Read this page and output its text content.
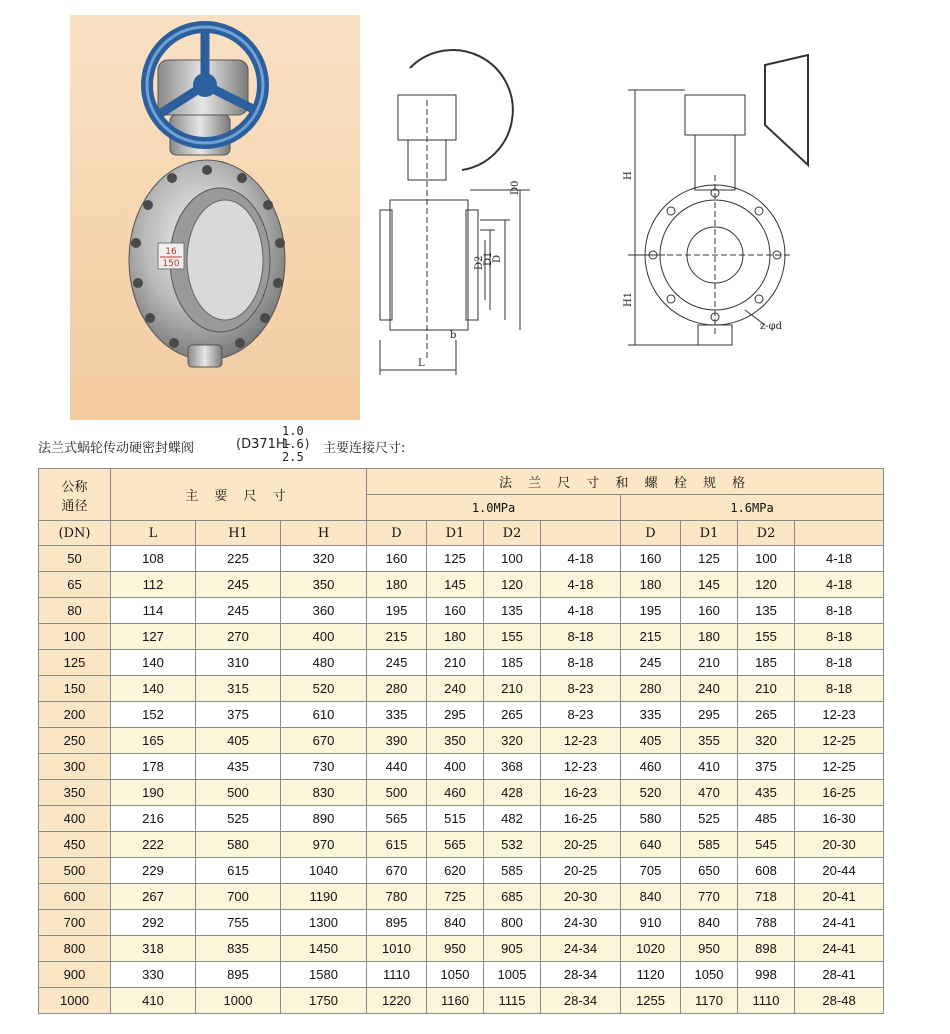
16
150
D0
D2
D1
D
b
L
H
H1
z-φd
法兰式蜗轮传动硬密封蝶阀	(D371H-
1.0
1.6)
2.5
主要连接尺寸:
公称
通径	主 要 尺 寸			法 兰 尺 寸 和 螺 栓 规 格							
				1.0MPa				1.6MPa			
(DN)	L	H1	H	D	D1	D2		D	D1	D2	
50	108	225	320	160	125	100	4-18	160	125	100	4-18
65	112	245	350	180	145	120	4-18	180	145	120	4-18
80	114	245	360	195	160	135	4-18	195	160	135	8-18
100	127	270	400	215	180	155	8-18	215	180	155	8-18
125	140	310	480	245	210	185	8-18	245	210	185	8-18
150	140	315	520	280	240	210	8-23	280	240	210	8-18
200	152	375	610	335	295	265	8-23	335	295	265	12-23
250	165	405	670	390	350	320	12-23	405	355	320	12-25
300	178	435	730	440	400	368	12-23	460	410	375	12-25
350	190	500	830	500	460	428	16-23	520	470	435	16-25
400	216	525	890	565	515	482	16-25	580	525	485	16-30
450	222	580	970	615	565	532	20-25	640	585	545	20-30
500	229	615	1040	670	620	585	20-25	705	650	608	20-44
600	267	700	1190	780	725	685	20-30	840	770	718	20-41
700	292	755	1300	895	840	800	24-30	910	840	788	24-41
800	318	835	1450	1010	950	905	24-34	1020	950	898	24-41
900	330	895	1580	1110	1050	1005	28-34	1120	1050	998	28-41
1000	410	1000	1750	1220	1160	1115	28-34	1255	1170	1110	28-48
